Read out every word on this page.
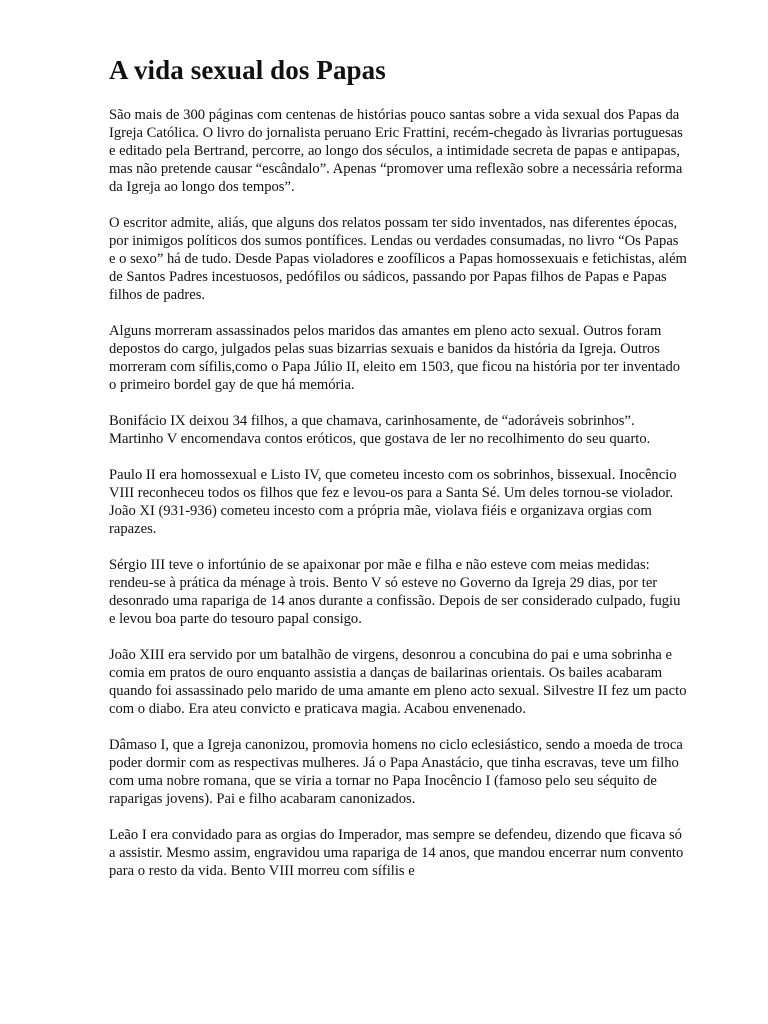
A vida sexual dos Papas

São mais de 300 páginas com centenas de histórias pouco santas sobre a vida sexual dos Papas da Igreja Católica. O livro do jornalista peruano Eric Frattini, recém-chegado às livrarias portuguesas e editado pela Bertrand, percorre, ao longo dos séculos, a intimidade secreta de papas e antipapas, mas não pretende causar “escândalo”. Apenas “promover uma reflexão sobre a necessária reforma da Igreja ao longo dos tempos”.

O escritor admite, aliás, que alguns dos relatos possam ter sido inventados, nas diferentes épocas, por inimigos políticos dos sumos pontífices. Lendas ou verdades consumadas, no livro “Os Papas e o sexo” há de tudo. Desde Papas violadores e zoofílicos a Papas homossexuais e fetichistas, além de Santos Padres incestuosos, pedófilos ou sádicos, passando por Papas filhos de Papas e Papas filhos de padres.

Alguns morreram assassinados pelos maridos das amantes em pleno acto sexual. Outros foram depostos do cargo, julgados pelas suas bizarrias sexuais e banidos da história da Igreja. Outros morreram com sífilis,como o Papa Júlio II, eleito em 1503, que ficou na história por ter inventado o primeiro bordel gay de que há memória.

Bonifácio IX deixou 34 filhos, a que chamava, carinhosamente, de “adoráveis sobrinhos”. Martinho V encomendava contos eróticos, que gostava de ler no recolhimento do seu quarto.

Paulo II era homossexual e Listo IV, que cometeu incesto com os sobrinhos, bissexual. Inocêncio VIII reconheceu todos os filhos que fez e levou-os para a Santa Sé. Um deles tornou-se violador. João XI (931-936) cometeu incesto com a própria mãe, violava fiéis e organizava orgias com rapazes.

Sérgio III teve o infortúnio de se apaixonar por mãe e filha e não esteve com meias medidas: rendeu-se à prática da ménage à trois. Bento V só esteve no Governo da Igreja 29 dias, por ter desonrado uma rapariga de 14 anos durante a confissão. Depois de ser considerado culpado, fugiu e levou boa parte do tesouro papal consigo.

João XIII era servido por um batalhão de virgens, desonrou a concubina do pai e uma sobrinha e comia em pratos de ouro enquanto assistia a danças de bailarinas orientais. Os bailes acabaram quando foi assassinado pelo marido de uma amante em pleno acto sexual. Silvestre II fez um pacto com o diabo. Era ateu convicto e praticava magia. Acabou envenenado.

Dâmaso I, que a Igreja canonizou, promovia homens no ciclo eclesiástico, sendo a moeda de troca poder dormir com as respectivas mulheres. Já o Papa Anastácio, que tinha escravas, teve um filho com uma nobre romana, que se viria a tornar no Papa Inocêncio I (famoso pelo seu séquito de raparigas jovens). Pai e filho acabaram canonizados.

Leão I era convidado para as orgias do Imperador, mas sempre se defendeu, dizendo que ficava só a assistir. Mesmo assim, engravidou uma rapariga de 14 anos, que mandou encerrar num convento para o resto da vida. Bento VIII morreu com sífilis e
